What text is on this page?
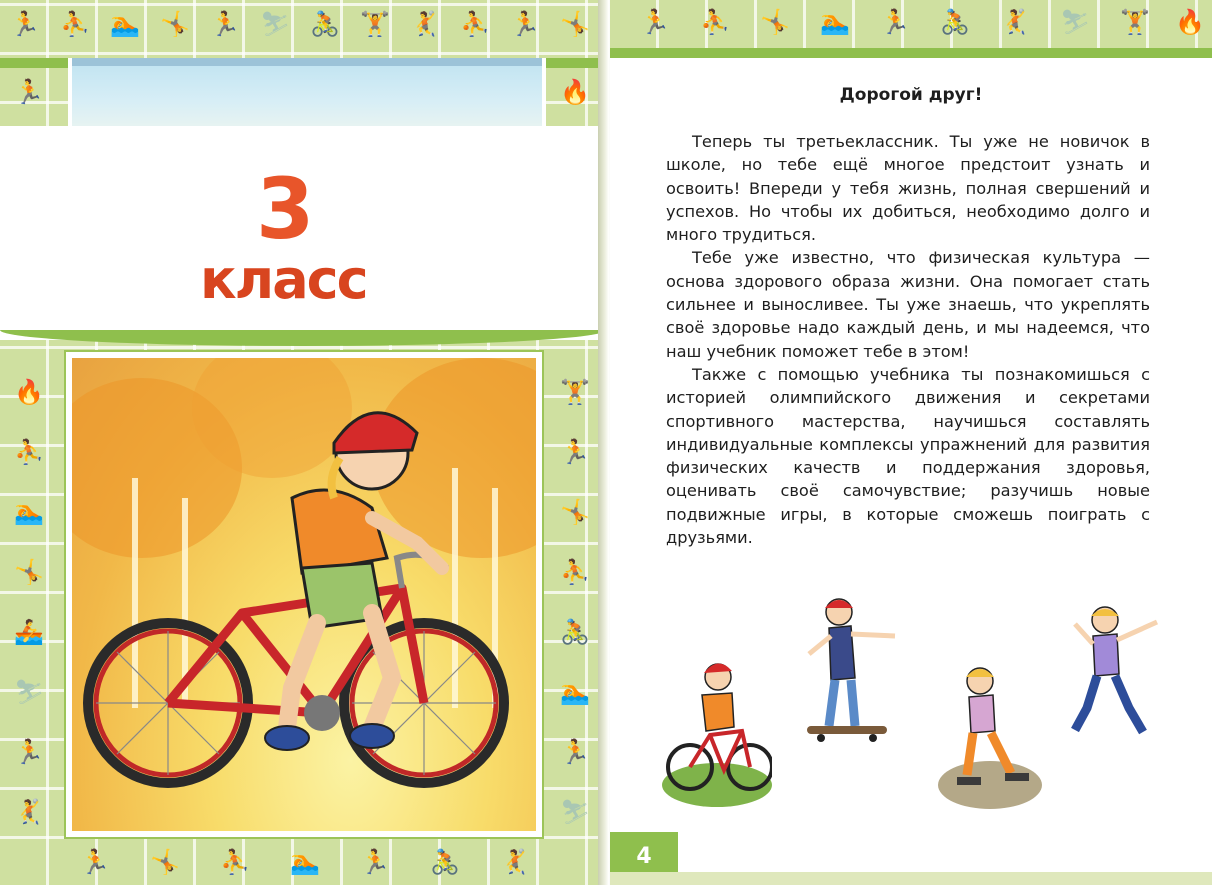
🏃 ⛹ 🏊 🤸 🏃 ⛷ 🚴 🏋 🤾 ⛹ 🏃 🤸
🏃	🔥
🔥
⛹
🏊
🤸
🚣
⛷
🏃
🤾
🏋
🏃
🤸
⛹
🚴
🏊
🏃
⛷
🏃 🤸 ⛹ 🏊 🏃 🚴 🤾
3
класс
🏃 ⛹ 🤸 🏊 🏃 🚴 🤾 ⛷ 🏋 🔥
Дорогой друг!

Теперь ты третьеклассник. Ты уже не новичок в школе, но тебе ещё многое предстоит узнать и освоить! Впереди у тебя жизнь, полная свершений и успехов. Но чтобы их добиться, необходимо долго и много трудиться.

Тебе уже известно, что физическая культура — основа здорового образа жизни. Она помогает стать сильнее и выносливее. Ты уже знаешь, что укреплять своё здоровье надо каждый день, и мы надеемся, что наш учебник поможет тебе в этом!

Также с помощью учебника ты познакомишься с историей олимпийского движения и секретами спортивного мастерства, научишься составлять индивидуальные комплексы упражнений для развития физических качеств и поддержания здоровья, оценивать своё самочувствие; разучишь новые подвижные игры, в которые сможешь поиграть с друзьями.

4
